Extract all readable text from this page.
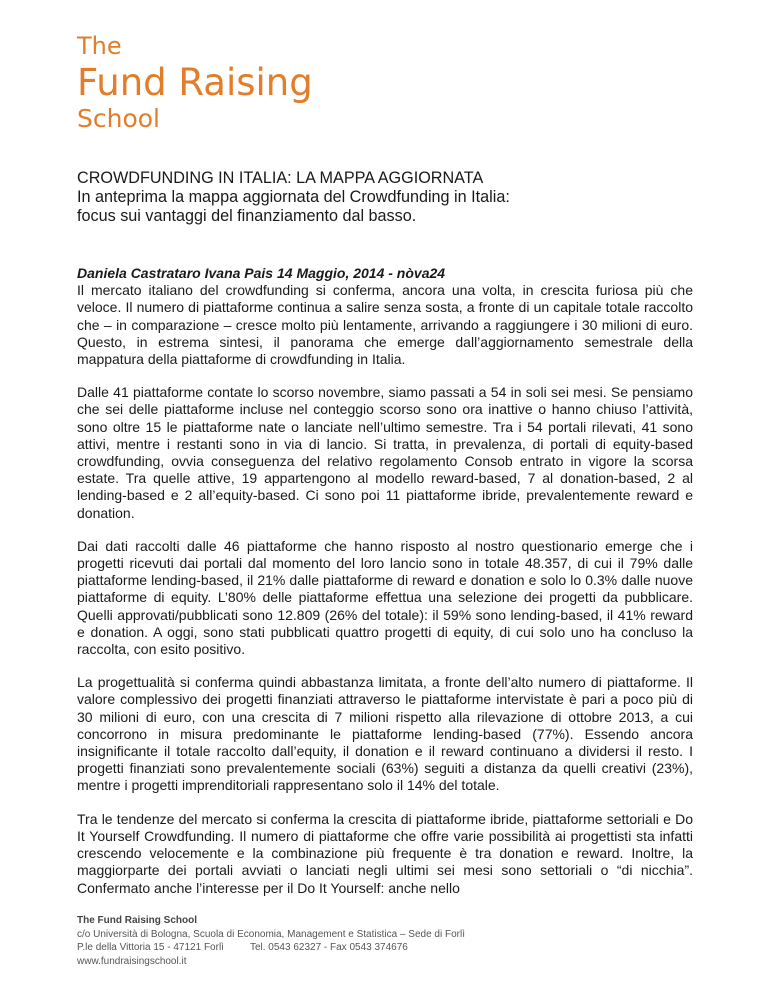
The
Fund Raising
School
CROWDFUNDING IN ITALIA: LA MAPPA AGGIORNATA
In anteprima la mappa aggiornata del Crowdfunding in Italia:
focus sui vantaggi del finanziamento dal basso.

Daniela Castrataro Ivana Pais 14 Maggio, 2014 - nòva24
Il mercato italiano del crowdfunding si conferma, ancora una volta, in crescita furiosa più che veloce. Il numero di piattaforme continua a salire senza sosta, a fronte di un capitale totale raccolto che – in comparazione – cresce molto più lentamente, arrivando a raggiungere i 30 milioni di euro. Questo, in estrema sintesi, il panorama che emerge dall’aggiornamento semestrale della mappatura della piattaforme di crowdfunding in Italia.

Dalle 41 piattaforme contate lo scorso novembre, siamo passati a 54 in soli sei mesi. Se pensiamo che sei delle piattaforme incluse nel conteggio scorso sono ora inattive o hanno chiuso l’attività, sono oltre 15 le piattaforme nate o lanciate nell’ultimo semestre. Tra i 54 portali rilevati, 41 sono attivi, mentre i restanti sono in via di lancio. Si tratta, in prevalenza, di portali di equity-based crowdfunding, ovvia conseguenza del relativo regolamento Consob entrato in vigore la scorsa estate. Tra quelle attive, 19 appartengono al modello reward-based, 7 al donation-based, 2 al lending-based e 2 all’equity-based. Ci sono poi 11 piattaforme ibride, prevalentemente reward e donation.

Dai dati raccolti dalle 46 piattaforme che hanno risposto al nostro questionario emerge che i progetti ricevuti dai portali dal momento del loro lancio sono in totale 48.357, di cui il 79% dalle piattaforme lending-based, il 21% dalle piattaforme di reward e donation e solo lo 0.3% dalle nuove piattaforme di equity. L’80% delle piattaforme effettua una selezione dei progetti da pubblicare. Quelli approvati/pubblicati sono 12.809 (26% del totale): il 59% sono lending-based, il 41% reward e donation. A oggi, sono stati pubblicati quattro progetti di equity, di cui solo uno ha concluso la raccolta, con esito positivo.

La progettualità si conferma quindi abbastanza limitata, a fronte dell’alto numero di piattaforme. Il valore complessivo dei progetti finanziati attraverso le piattaforme intervistate è pari a poco più di 30 milioni di euro, con una crescita di 7 milioni rispetto alla rilevazione di ottobre 2013, a cui concorrono in misura predominante le piattaforme lending-based (77%). Essendo ancora insignificante il totale raccolto dall’equity, il donation e il reward continuano a dividersi il resto. I progetti finanziati sono prevalentemente sociali (63%) seguiti a distanza da quelli creativi (23%), mentre i progetti imprenditoriali rappresentano solo il 14% del totale.

Tra le tendenze del mercato si conferma la crescita di piattaforme ibride, piattaforme settoriali e Do It Yourself Crowdfunding. Il numero di piattaforme che offre varie possibilità ai progettisti sta infatti crescendo velocemente e la combinazione più frequente è tra donation e reward. Inoltre, la maggiorparte dei portali avviati o lanciati negli ultimi sei mesi sono settoriali o “di nicchia”. Confermato anche l’interesse per il Do It Yourself: anche nello

The Fund Raising School
c/o Università di Bologna, Scuola di Economia, Management e Statistica – Sede di Forlì
P.le della Vittoria 15 - 47121 Forlì	Tel. 0543 62327 - Fax 0543 374676
www.fundraisingschool.it
